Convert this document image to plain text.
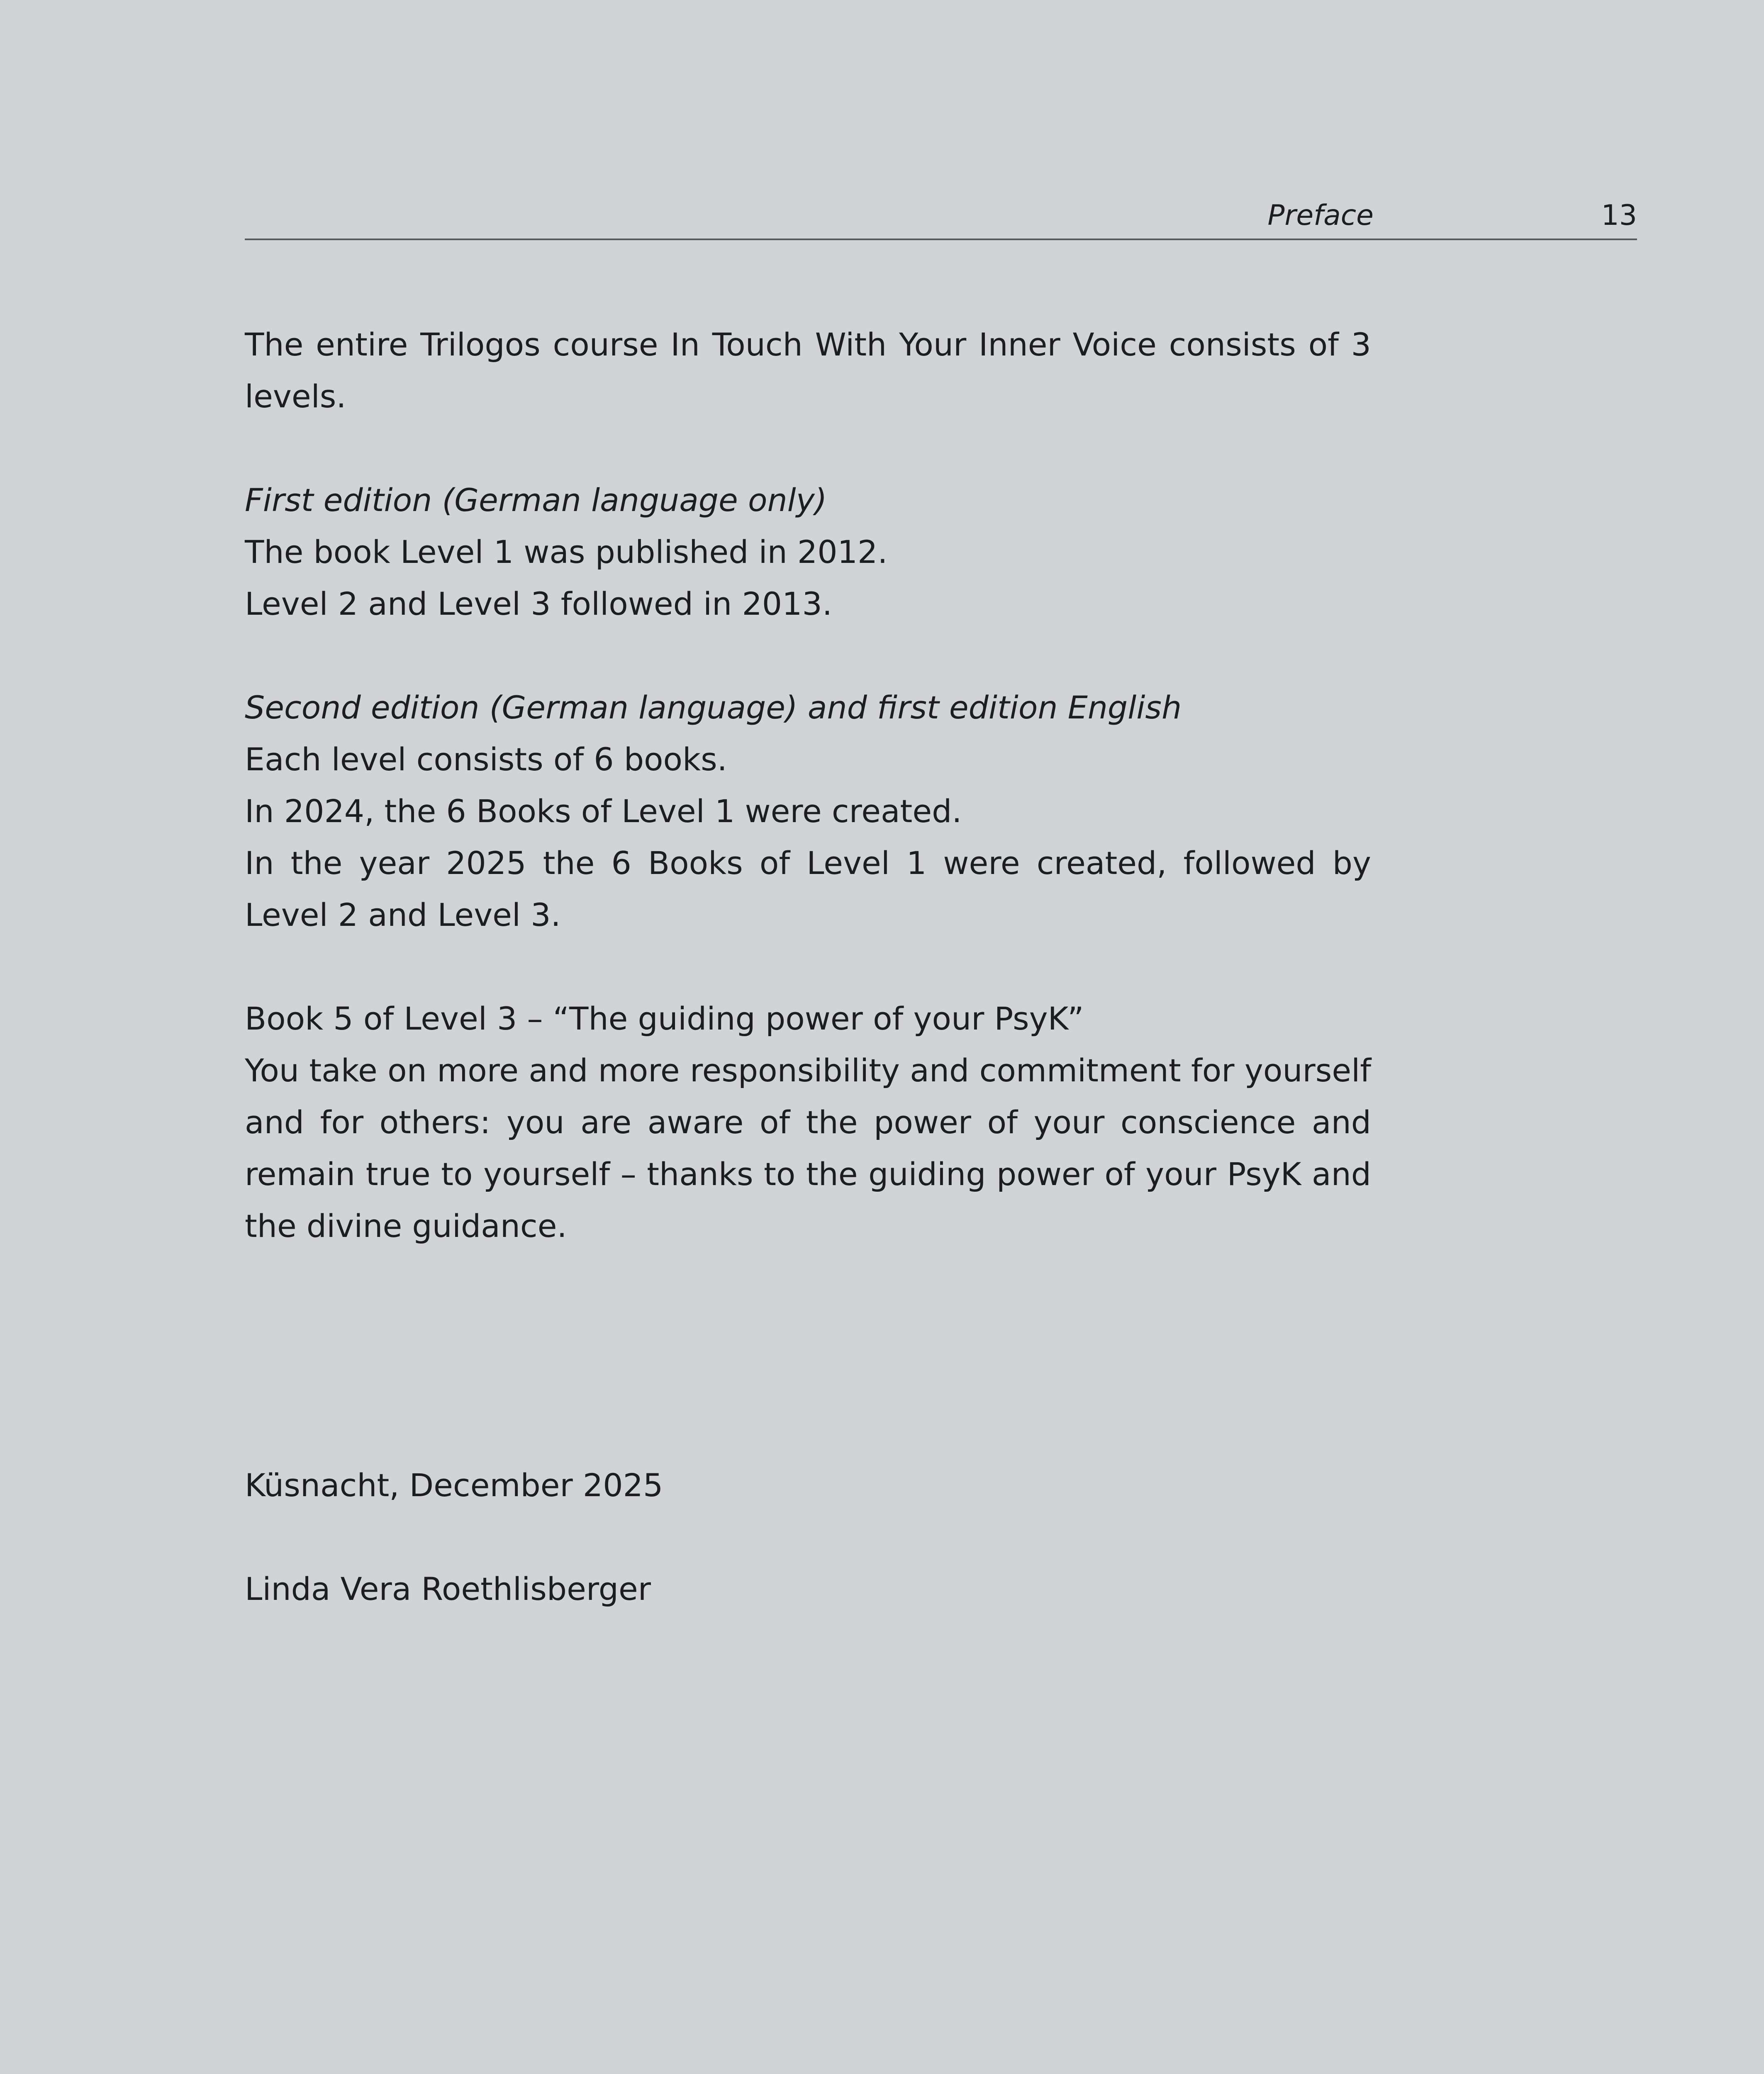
Preface	13

The entire Trilogos course In Touch With Your Inner Voice consists of 3 levels.

First edition (German language only)

The book Level 1 was published in 2012.

Level 2 and Level 3 followed in 2013.

Second edition (German language) and first edition English

Each level consists of 6 books.

In 2024, the 6 Books of Level 1 were created.

In the year 2025 the 6 Books of Level 1 were created, followed by Level 2 and Level 3.

Book 5 of Level 3 – “The guiding power of your PsyK”

You take on more and more responsibility and commitment for yourself and for others: you are aware of the power of your conscience and remain true to yourself – thanks to the guiding power of your PsyK and the divine guidance.

Küsnacht, December 2025

Linda Vera Roethlisberger
